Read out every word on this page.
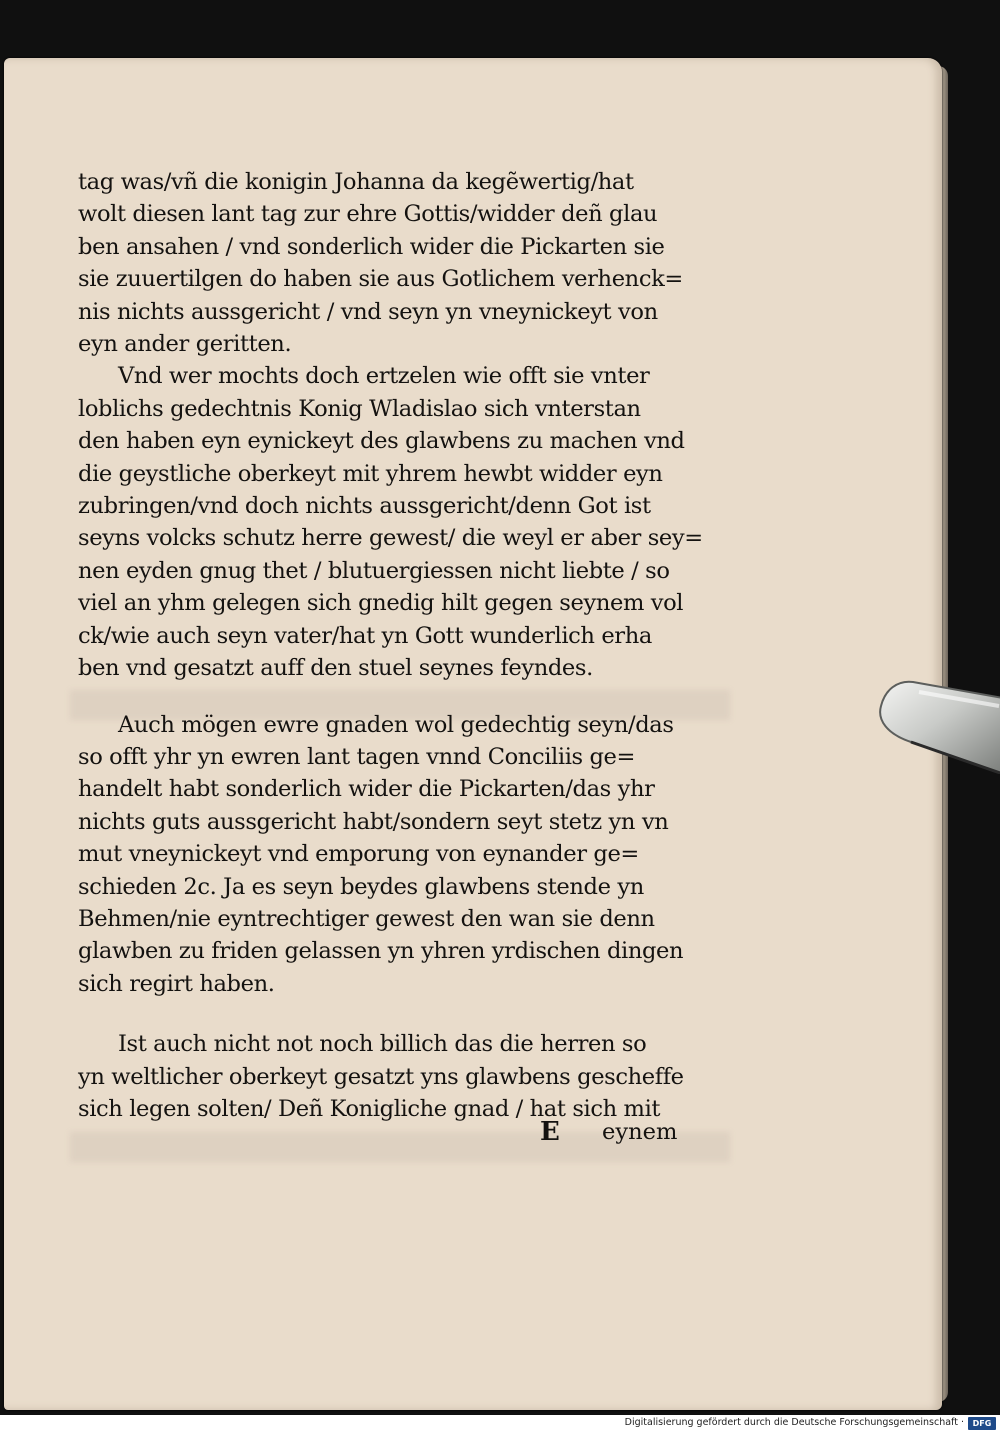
tag was/vñ die konigin Johanna da kegẽwertig/hat
wolt diesen lant tag zur ehre Gottis/widder deñ glau
ben ansahen / vnd sonderlich wider die Pickarten sie
sie zuuertilgen do haben sie aus Gotlichem verhenck=
nis nichts aussgericht / vnd seyn yn vneynickeyt von
eyn ander geritten.

Vnd wer mochts doch ertzelen wie offt sie vnter
loblichs gedechtnis Konig Wladislao sich vnterstan
den haben eyn eynickeyt des glawbens zu machen vnd
die geystliche oberkeyt mit yhrem hewbt widder eyn
zubringen/vnd doch nichts aussgericht/denn Got ist
seyns volcks schutz herre gewest/ die weyl er aber sey=
nen eyden gnug thet / blutuergiessen nicht liebte / so
viel an yhm gelegen sich gnedig hilt gegen seynem vol
ck/wie auch seyn vater/hat yn Gott wunderlich erha
ben vnd gesatzt auff den stuel seynes feyndes.

Auch mögen ewre gnaden wol gedechtig seyn/das
so offt yhr yn ewren lant tagen vnnd Conciliis ge=
handelt habt sonderlich wider die Pickarten/das yhr
nichts guts aussgericht habt/sondern seyt stetz yn vn
mut vneynickeyt vnd emporung von eynander ge=
schieden 2c. Ja es seyn beydes glawbens stende yn
Behmen/nie eyntrechtiger gewest den wan sie denn
glawben zu friden gelassen yn yhren yrdischen dingen
sich regirt haben.

Ist auch nicht not noch billich das die herren so
yn weltlicher oberkeyt gesatzt yns glawbens gescheffe
sich legen solten/ Deñ Konigliche gnad / hat sich mit

E eynem
Digitalisierung gefördert durch die Deutsche Forschungsgemeinschaft ·	DFG
